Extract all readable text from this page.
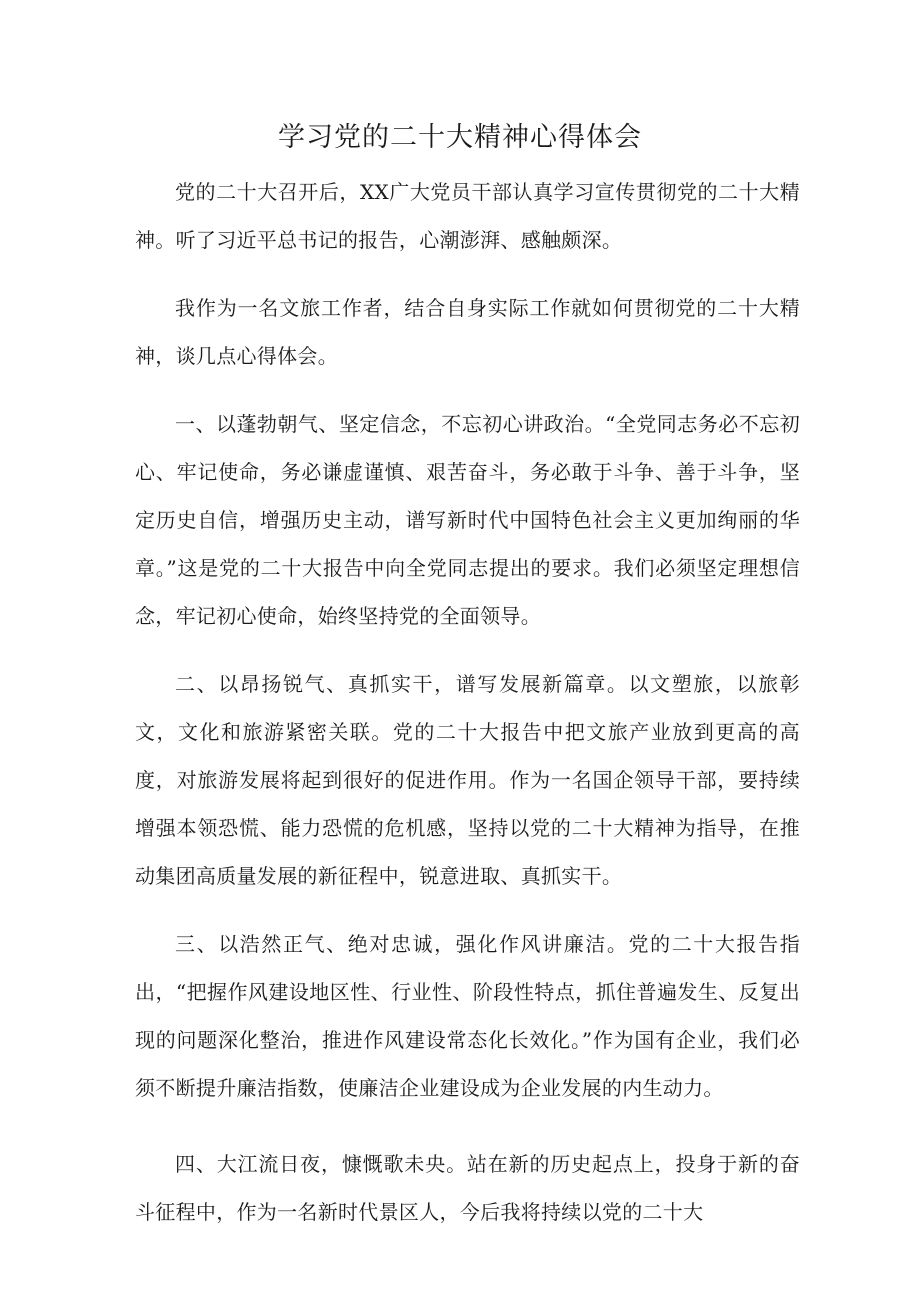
学习党的二十大精神心得体会

党的二十大召开后，XX广大党员干部认真学习宣传贯彻党的二十大精神。听了习近平总书记的报告，心潮澎湃、感触颇深。

我作为一名文旅工作者，结合自身实际工作就如何贯彻党的二十大精神，谈几点心得体会。

一、以蓬勃朝气、坚定信念，不忘初心讲政治。“全党同志务必不忘初心、牢记使命，务必谦虚谨慎、艰苦奋斗，务必敢于斗争、善于斗争，坚定历史自信，增强历史主动，谱写新时代中国特色社会主义更加绚丽的华章。”这是党的二十大报告中向全党同志提出的要求。我们必须坚定理想信念，牢记初心使命，始终坚持党的全面领导。

二、以昂扬锐气、真抓实干，谱写发展新篇章。以文塑旅，以旅彰文，文化和旅游紧密关联。党的二十大报告中把文旅产业放到更高的高度，对旅游发展将起到很好的促进作用。作为一名国企领导干部，要持续增强本领恐慌、能力恐慌的危机感，坚持以党的二十大精神为指导，在推动集团高质量发展的新征程中，锐意进取、真抓实干。

三、以浩然正气、绝对忠诚，强化作风讲廉洁。党的二十大报告指出，“把握作风建设地区性、行业性、阶段性特点，抓住普遍发生、反复出现的问题深化整治，推进作风建设常态化长效化。”作为国有企业，我们必须不断提升廉洁指数，使廉洁企业建设成为企业发展的内生动力。

四、大江流日夜，慷慨歌未央。站在新的历史起点上，投身于新的奋斗征程中，作为一名新时代景区人，今后我将持续以党的二十大
